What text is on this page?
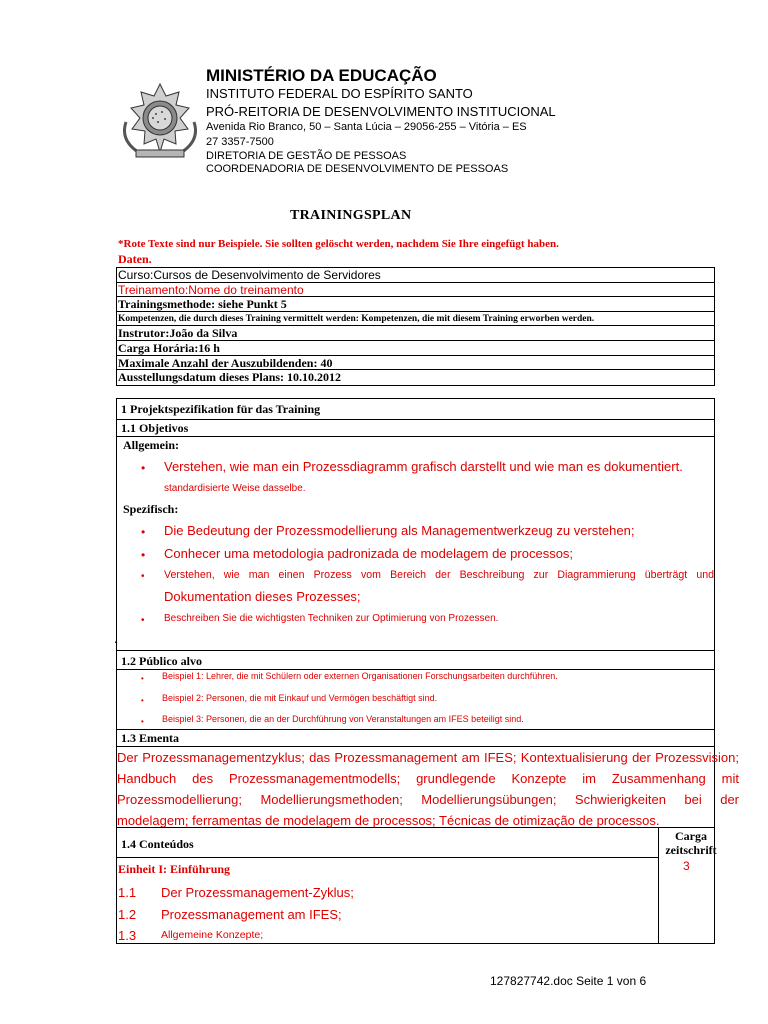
MINISTÉRIO DA EDUCAÇÃO
INSTITUTO FEDERAL DO ESPÍRITO SANTO
PRÓ-REITORIA DE DESENVOLVIMENTO INSTITUCIONAL
Avenida Rio Branco, 50 – Santa Lúcia – 29056-255 – Vitória – ES
27 3357-7500
DIRETORIA DE GESTÃO DE PESSOAS
COORDENADORIA DE DESENVOLVIMENTO DE PESSOAS
TRAININGSPLAN
*Rote Texte sind nur Beispiele. Sie sollten gelöscht werden, nachdem Sie Ihre eingefügt haben.
Daten.
Curso:Cursos de Desenvolvimento de Servidores
Treinamento:Nome do treinamento
Trainingsmethode: siehe Punkt 5
Kompetenzen, die durch dieses Training vermittelt werden: Kompetenzen, die mit diesem Training erworben werden.
Instrutor:João da Silva
Carga Horária:16 h
Maximale Anzahl der Auszubildenden: 40
Ausstellungsdatum dieses Plans: 10.10.2012
1 Projektspezifikation für das Training
1.1 Objetivos
Allgemein:
• Verstehen, wie man ein Prozessdiagramm grafisch darstellt und wie man es dokumentiert.
standardisierte Weise dasselbe.
Spezifisch:
• Die Bedeutung der Prozessmodellierung als Managementwerkzeug zu verstehen;
• Conhecer uma metodologia padronizada de modelagem de processos;
• Verstehen, wie man einen Prozess vom Bereich der Beschreibung zur Diagrammierung überträgt und
Dokumentation dieses Prozesses;
• Beschreiben Sie die wichtigsten Techniken zur Optimierung von Prozessen.
1.2 Público alvo
• Beispiel 1: Lehrer, die mit Schülern oder externen Organisationen Forschungsarbeiten durchführen.
• Beispiel 2: Personen, die mit Einkauf und Vermögen beschäftigt sind.
• Beispiel 3: Personen, die an der Durchführung von Veranstaltungen am IFES beteiligt sind.
1.3 Ementa
Der Prozessmanagementzyklus; das Prozessmanagement am IFES; Kontextualisierung der Prozessvision; Handbuch des Prozessmanagementmodells; grundlegende Konzepte im Zusammenhang mit Prozessmodellierung; Modellierungsmethoden; Modellierungsübungen; Schwierigkeiten bei der modelagem; ferramentas de modelagem de processos; Técnicas de otimização de processos.
1.4 Conteúdos
Carga zeitschrift
Einheit I: Einführung	3
1.1 Der Prozessmanagement-Zyklus;
1.2 Prozessmanagement am IFES;
1.3 Allgemeine Konzepte;
.
127827742.doc Seite 1 von 6
